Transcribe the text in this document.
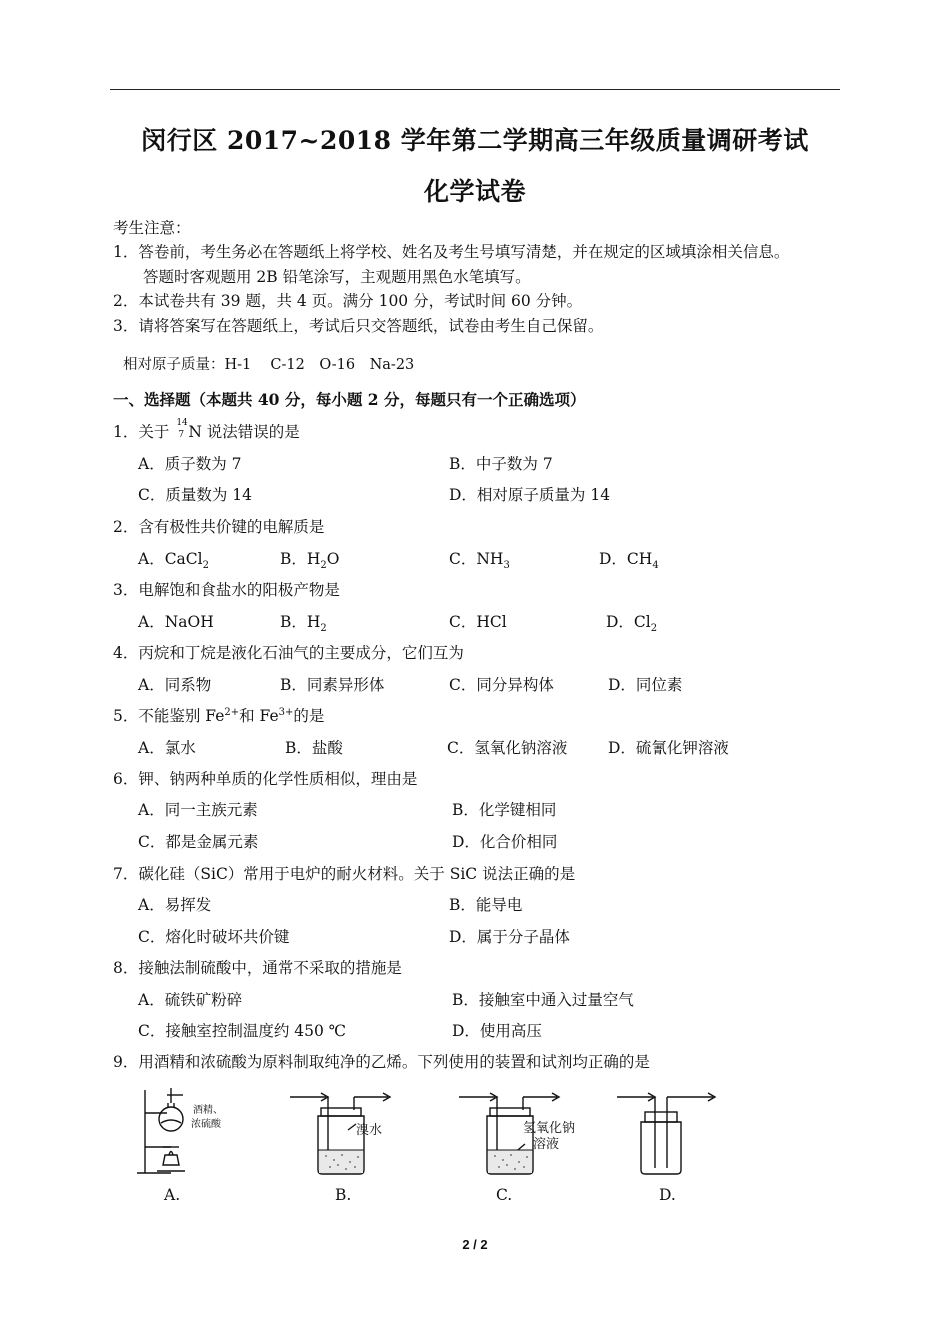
闵行区 2017~2018 学年第二学期高三年级质量调研考试
化学试卷
考生注意：
1．答卷前，考生务必在答题纸上将学校、姓名及考生号填写清楚，并在规定的区域填涂相关信息。
答题时客观题用 2B 铅笔涂写，主观题用黑色水笔填写。
2．本试卷共有 39 题，共 4 页。满分 100 分，考试时间 60 分钟。
3．请将答案写在答题纸上，考试后只交答题纸，试卷由考生自己保留。
相对原子质量：H-1　 C-12　O-16　Na-23
一、选择题（本题共 40 分，每小题 2 分，每题只有一个正确选项）
1．关于 14
7 N 说法错误的是
A．质子数为 7	B．中子数为 7
C．质量数为 14	D．相对原子质量为 14
2．含有极性共价键的电解质是
A．CaCl$_2$	B．$H_2O$	C．$NH_3$	D．$CH_4$
3．电解饱和食盐水的阳极产物是
A．NaOH	B．$H_2$	C．HCl	D．$Cl_2$
4．丙烷和丁烷是液化石油气的主要成分，它们互为
A．同系物	B．同素异形体	C．同分异构体	D．同位素
5．不能鉴别 $Fe^{2+}$和 $Fe^{3+}$的是
A．氯水	B．盐酸	C．氢氧化钠溶液	D．硫氰化钾溶液
6．钾、钠两种单质的化学性质相似，理由是
A．同一主族元素	B．化学键相同
C．都是金属元素	D．化合价相同
7．碳化硅（SiC）常用于电炉的耐火材料。关于 SiC 说法正确的是
A．易挥发	B．能导电
C．熔化时破坏共价键	D．属于分子晶体
8．接触法制硫酸中，通常不采取的措施是
A．硫铁矿粉碎	B．接触室中通入过量空气
C．接触室控制温度约 450 ℃	D．使用高压
9．用酒精和浓硫酸为原料制取纯净的乙烯。下列使用的装置和试剂均正确的是
酒精、
浓硫酸	溴水	氢氧化钠
溶液
A.	B.	C.	D.
2 / 2
